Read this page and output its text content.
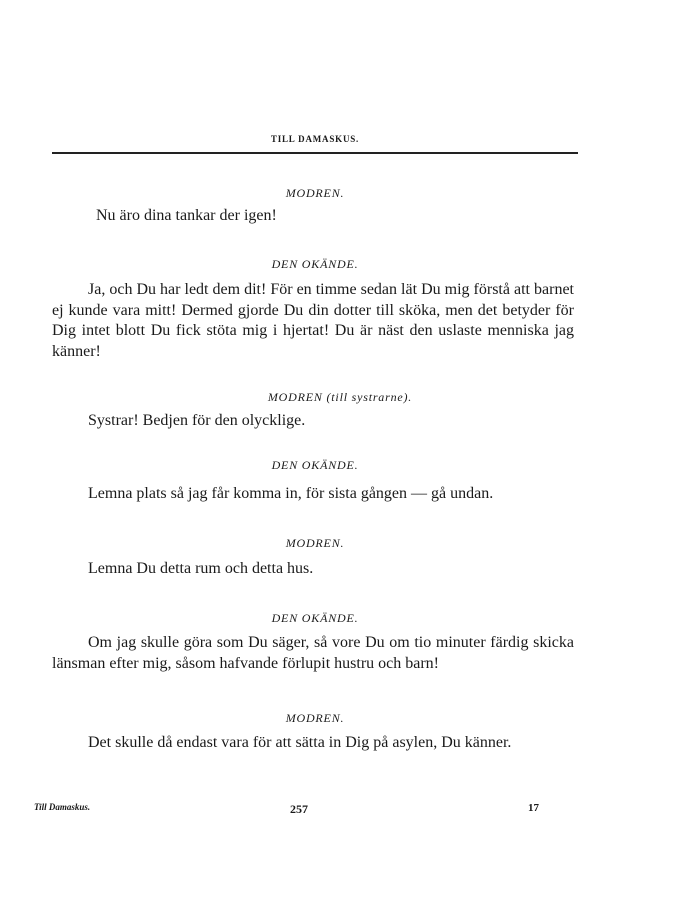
TILL DAMASKUS.
MODREN.

Nu äro dina tankar der igen!

DEN OKÄNDE.

Ja, och Du har ledt dem dit! För en timme sedan lät Du mig förstå att barnet ej kunde vara mitt! Dermed gjorde Du din dotter till sköka, men det betyder för Dig intet blott Du fick stöta mig i hjertat! Du är näst den uslaste menniska jag känner!

MODREN (till systrarne).

Systrar! Bedjen för den olycklige.

DEN OKÄNDE.

Lemna plats så jag får komma in, för sista gången — gå undan.

MODREN.

Lemna Du detta rum och detta hus.

DEN OKÄNDE.

Om jag skulle göra som Du säger, så vore Du om tio minuter färdig skicka länsman efter mig, såsom hafvande förlupit hustru och barn!

MODREN.

Det skulle då endast vara för att sätta in Dig på asylen, Du känner.

Till Damaskus.	257	17
